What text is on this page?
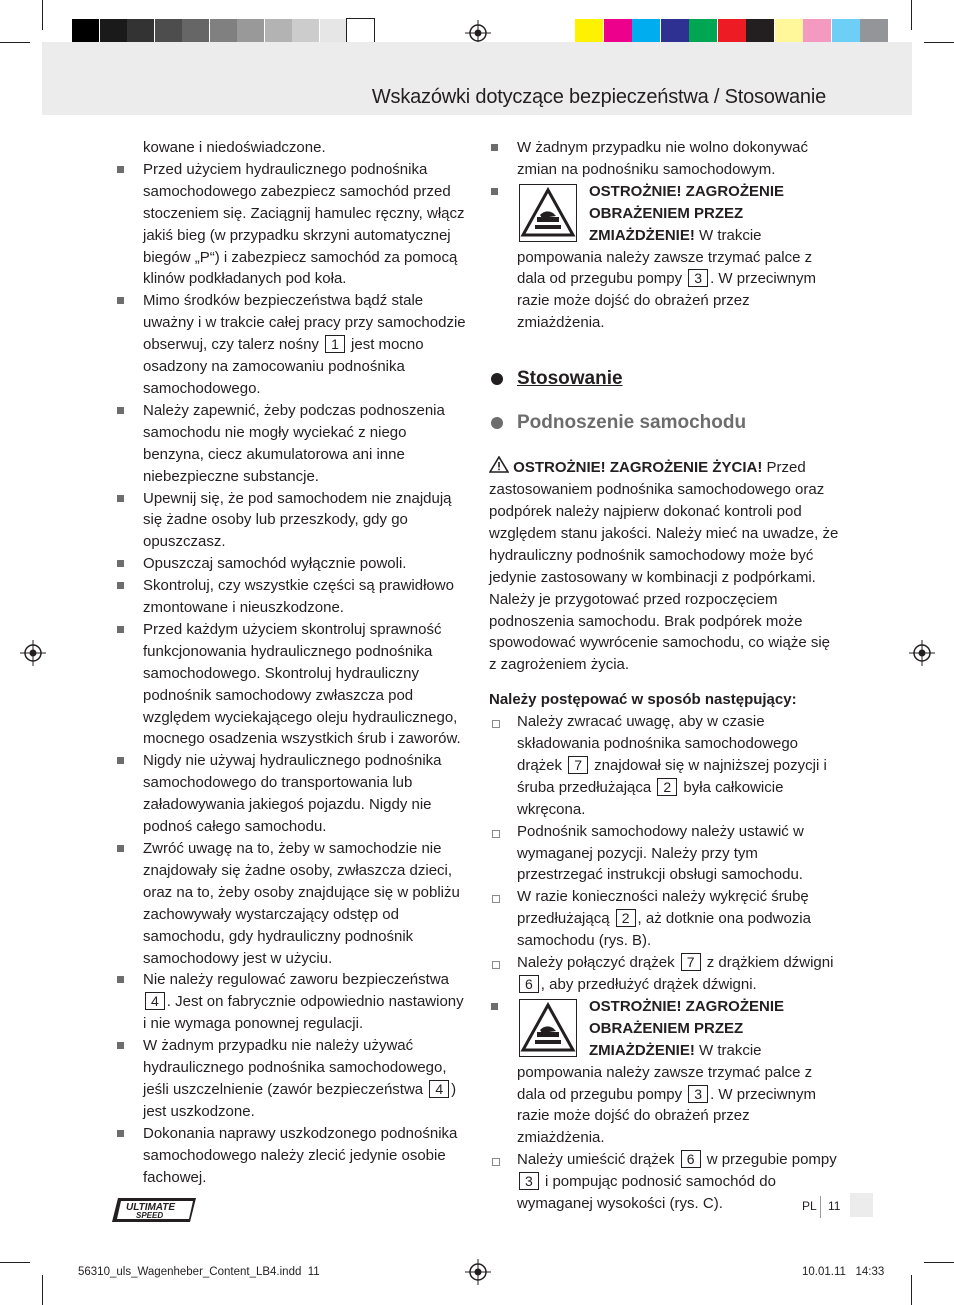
Wskazówki dotyczące bezpieczeństwa / Stosowanie
kowane i niedoświadczone.
Przed użyciem hydraulicznego podnośnika samochodowego zabezpiecz samochód przed stoczeniem się. Zaciągnij hamulec ręczny, włącz jakiś bieg (w przypadku skrzyni automatycznej biegów „P“) i zabezpiecz samochód za pomocą klinów podkładanych pod koła.
Mimo środków bezpieczeństwa bądź stale uważny i w trakcie całej pracy przy samochodzie obserwuj, czy talerz nośny 1 jest mocno osadzony na zamocowaniu podnośnika samochodowego.
Należy zapewnić, żeby podczas podnoszenia samochodu nie mogły wyciekać z niego benzyna, ciecz akumulatorowa ani inne niebezpieczne substancje.
Upewnij się, że pod samochodem nie znajdują się żadne osoby lub przeszkody, gdy go opuszczasz.
Opuszczaj samochód wyłącznie powoli.
Skontroluj, czy wszystkie części są prawidłowo zmontowane i nieuszkodzone.
Przed każdym użyciem skontroluj sprawność funkcjonowania hydraulicznego podnośnika samochodowego. Skontroluj hydrauliczny podnośnik samochodowy zwłaszcza pod względem wyciekającego oleju hydraulicznego, mocnego osadzenia wszystkich śrub i zaworów.
Nigdy nie używaj hydraulicznego podnośnika samochodowego do transportowania lub załadowywania jakiegoś pojazdu. Nigdy nie podnoś całego samochodu.
Zwróć uwagę na to, żeby w samochodzie nie znajdowały się żadne osoby, zwłaszcza dzieci, oraz na to, żeby osoby znajdujące się w pobliżu zachowywały wystarczający odstęp od samochodu, gdy hydrauliczny podnośnik samochodowy jest w użyciu.
Nie należy regulować zaworu bezpieczeństwa 4 . Jest on fabrycznie odpowiednio nastawiony i nie wymaga ponownej regulacji.
W żadnym przypadku nie należy używać hydraulicznego podnośnika samochodowego, jeśli uszczelnienie (zawór bezpieczeństwa 4 ) jest uszkodzone.
Dokonania naprawy uszkodzonego podnośnika samochodowego należy zlecić jedynie osobie fachowej.
W żadnym przypadku nie wolno dokonywać zmian na podnośniku samochodowym.
OSTROŻNIE! ZAGROŻENIE OBRAŻENIEM PRZEZ ZMIAŻDŻENIE! W trakcie pompowania należy zawsze trzymać palce z dala od przegubu pompy 3 . W przeciwnym razie może dojść do obrażeń przez zmiażdżenia.
Stosowanie
Podnoszenie samochodu
OSTROŻNIE! ZAGROŻENIE ŻYCIA! Przed zastosowaniem podnośnika samochodowego oraz podpórek należy najpierw dokonać kontroli pod względem stanu jakości. Należy mieć na uwadze, że hydrauliczny podnośnik samochodowy może być jedynie zastosowany w kombinacji z podpórkami. Należy je przygotować przed rozpoczęciem podnoszenia samochodu. Brak podpórek może spowodować wywrócenie samochodu, co wiąże się z zagrożeniem życia.
Należy postępować w sposób następujący:
Należy zwracać uwagę, aby w czasie składowania podnośnika samochodowego drążek 7 znajdował się w najniższej pozycji i śruba przedłużająca 2 była całkowicie wkręcona.
Podnośnik samochodowy należy ustawić w wymaganej pozycji. Należy przy tym przestrzegać instrukcji obsługi samochodu.
W razie konieczności należy wykręcić śrubę przedłużającą 2 , aż dotknie ona podwozia samochodu (rys. B).
Należy połączyć drążek 7 z drążkiem dźwigni 6 , aby przedłużyć drążek dźwigni.
OSTROŻNIE! ZAGROŻENIE OBRAŻENIEM PRZEZ ZMIAŻDŻENIE! W trakcie pompowania należy zawsze trzymać palce z dala od przegubu pompy 3 . W przeciwnym razie może dojść do obrażeń przez zmiażdżenia.
Należy umieścić drążek 6 w przegubie pompy 3 i pompując podnosić samochód do wymaganej wysokości (rys. C).
ULTIMATE
SPEED
PL 11
56310_uls_Wagenheber_Content_LB4.indd 11	10.01.11 14:33
